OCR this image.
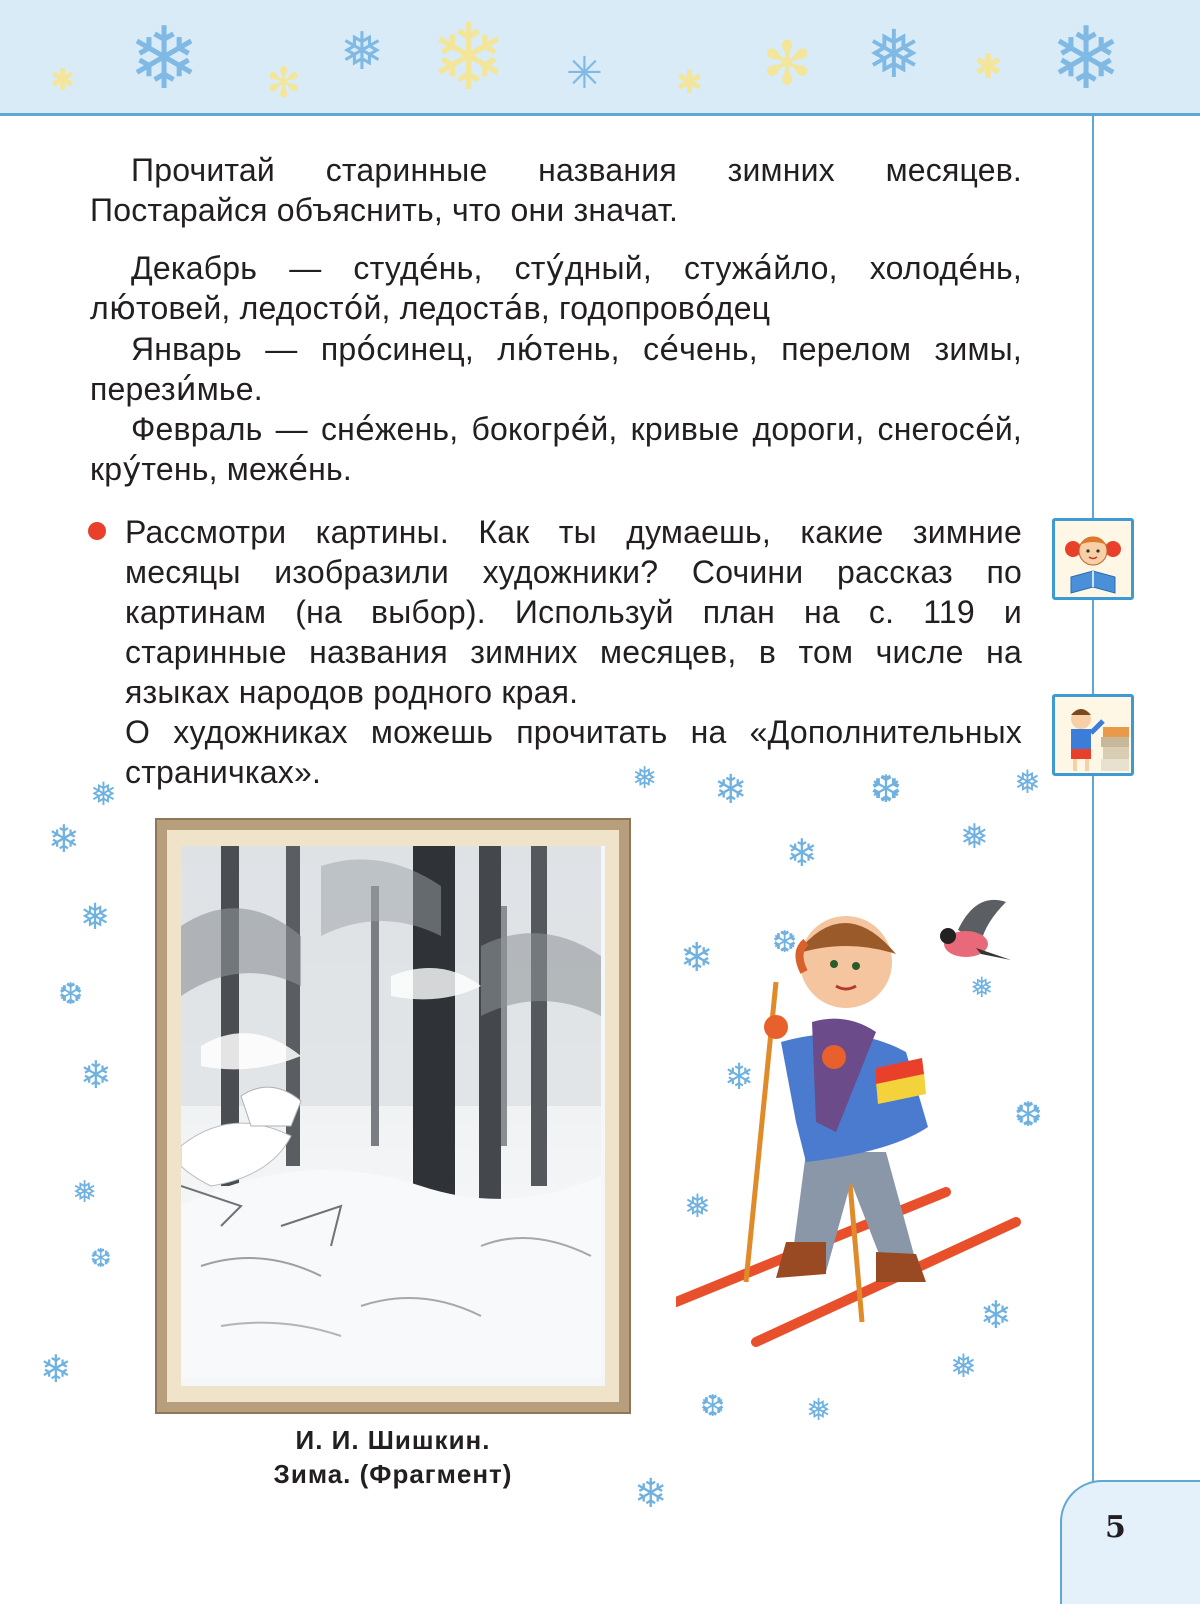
✱ ❄ ✻
❅ ❄ ✳ ✱ ✻ ❅ ✱ ❄

Прочитай старинные названия зимних месяцев. Постарайся объяснить, что они значат.

Декабрь — студе́нь, сту́дный, стужа́йло, холоде́нь, лю́товей, ледосто́й, ледоста́в, годопрово́дец

Январь — про́синец, лю́тень, се́чень, перелом зимы, перези́мье.

Февраль — сне́жень, бокогре́й, кривые дороги, снегосе́й, кру́тень, меже́нь.

Рассмотри картины. Как ты думаешь, какие зимние месяцы изобразили художники? Сочини рассказ по картинам (на выбор). Используй план на с. 119 и старинные названия зимних месяцев, в том числе на языках народов родного края.

О художниках можешь прочитать на «Дополнительных страничках».

И. И. Шишкин.

Зима. (Фрагмент)

❅
❄
❅
❆
❄
❅
❆
❄
❅ ❄	❆	❅
❄	❅
❄ ❆
❅
❄
❆
❅
❄
❅
❆	❅
❄
5
